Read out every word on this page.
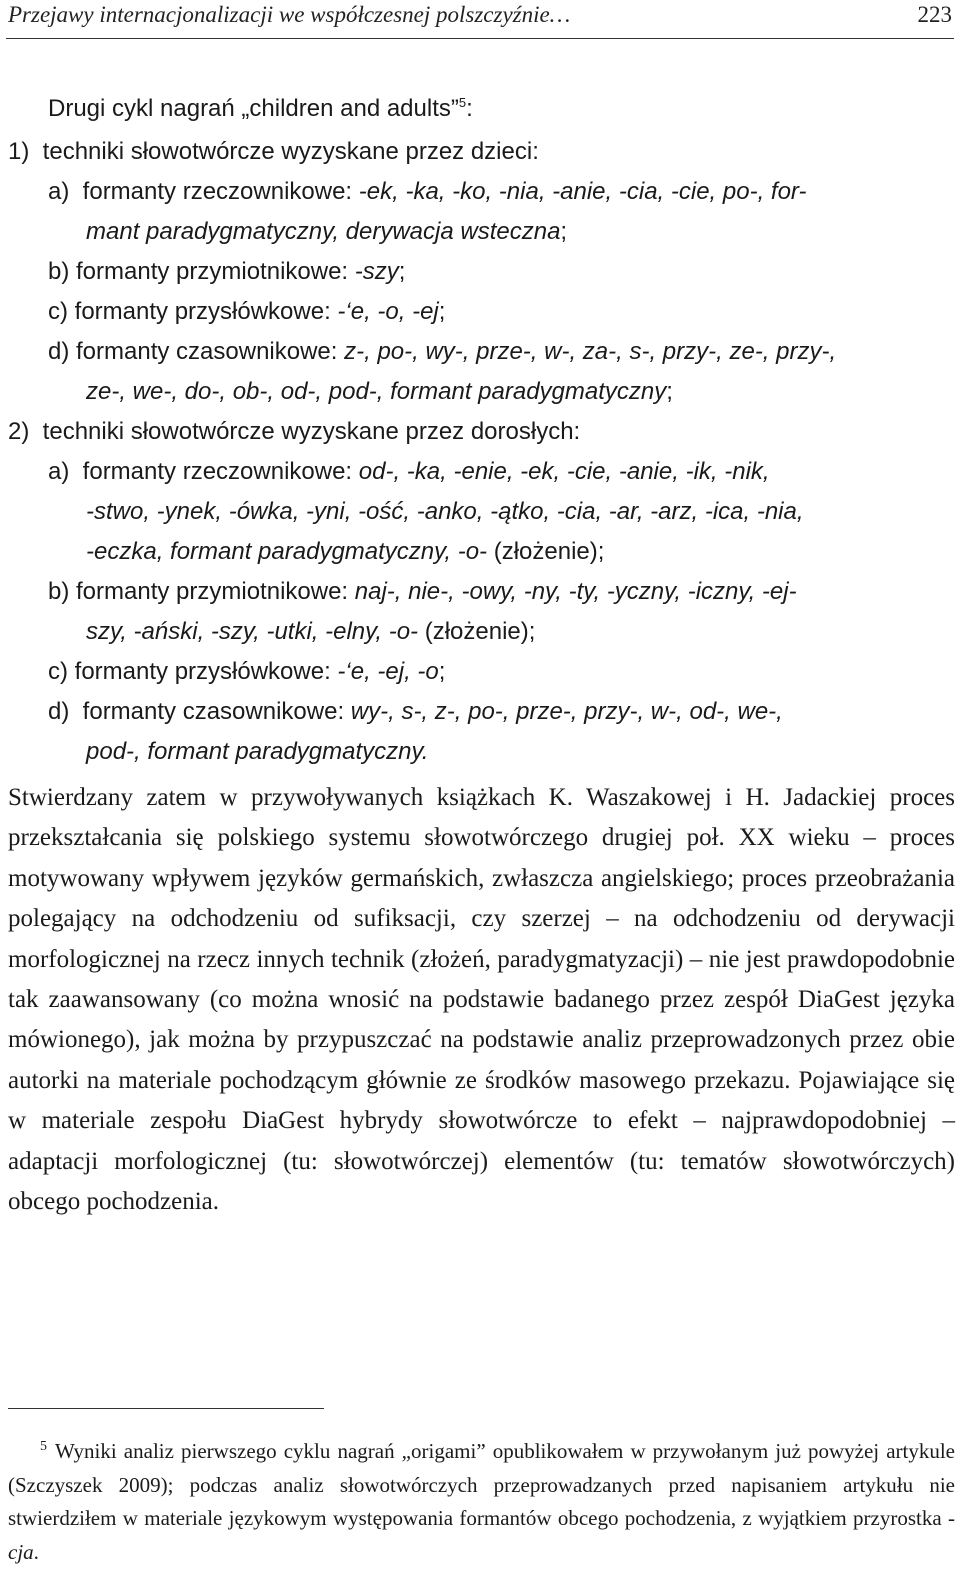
Przejawy internacjonalizacji we współczesnej polszczyźnie…	223
Drugi cykl nagrań „children and adults”$^5$:
1)  techniki słowotwórcze wyzyskane przez dzieci:
a)  formanty rzeczownikowe: -ek, -ka, -ko, -nia, -anie, -cia, -cie, po-, for-
mant paradygmatyczny, derywacja wsteczna;
b) formanty przymiotnikowe: -szy;
c) formanty przysłówkowe: -‘e, -o, -ej;
d) formanty czasownikowe: z-, po-, wy-, prze-, w-, za-, s-, przy-, ze-, przy-,
ze-, we-, do-, ob-, od-, pod-, formant paradygmatyczny;
2)  techniki słowotwórcze wyzyskane przez dorosłych:
a)  formanty rzeczownikowe: od-, -ka, -enie, -ek, -cie, -anie, -ik, -nik,
-stwo, -ynek, -ówka, -yni, -ość, -anko, -ątko, -cia, -ar, -arz, -ica, -nia,
-eczka, formant paradygmatyczny, -o- (złożenie);
b) formanty przymiotnikowe: naj-, nie-, -owy, -ny, -ty, -yczny, -iczny, -ej-
szy, -ański, -szy, -utki, -elny, -o- (złożenie);
c) formanty przysłówkowe: -‘e, -ej, -o;
d)  formanty czasownikowe: wy-, s-, z-, po-, prze-, przy-, w-, od-, we-,
pod-, formant paradygmatyczny.
Stwierdzany zatem w przywoływanych książkach K. Waszakowej i H. Jadackiej proces przekształcania się polskiego systemu słowotwórczego drugiej poł. XX wieku – proces motywowany wpływem języków germańskich, zwłaszcza angielskiego; proces przeobrażania polegający na odchodzeniu od sufiksacji, czy szerzej – na odchodzeniu od derywacji morfologicznej na rzecz innych technik (złożeń, paradygmatyzacji) – nie jest prawdopodobnie tak zaawansowany (co można wnosić na podstawie badanego przez zespół DiaGest języka mówionego), jak można by przypuszczać na podstawie analiz przeprowadzonych przez obie autorki na materiale pochodzącym głównie ze środków masowego przekazu. Pojawiające się w materiale zespołu DiaGest hybrydy słowotwórcze to efekt – najprawdopodobniej – adaptacji morfologicznej (tu: słowotwórczej) elementów (tu: tematów słowotwórczych) obcego pochodzenia.
$^5$ Wyniki analiz pierwszego cyklu nagrań „origami” opublikowałem w przywołanym już powyżej artykule (Szczyszek 2009); podczas analiz słowotwórczych przeprowadzanych przed napisaniem artykułu nie stwierdziłem w materiale językowym występowania formantów obcego pochodzenia, z wyjątkiem przyrostka -cja.
